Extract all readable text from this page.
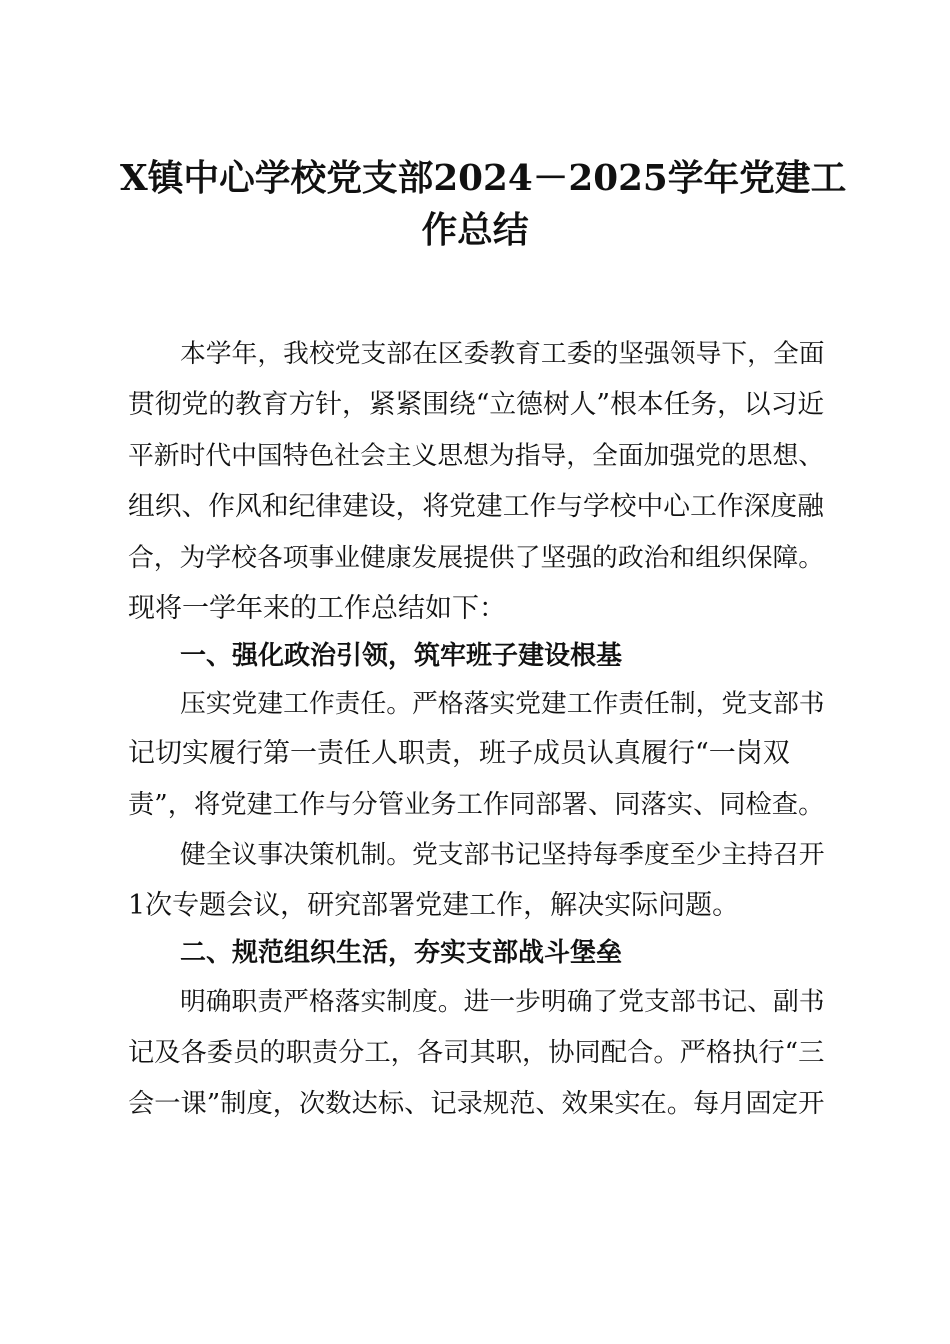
X镇中心学校党支部2024－2025学年党建工
作总结
本学年，我校党支部在区委教育工委的坚强领导下，全面
贯彻党的教育方针，紧紧围绕“立德树人”根本任务，以习近
平新时代中国特色社会主义思想为指导，全面加强党的思想、
组织、作风和纪律建设，将党建工作与学校中心工作深度融
合，为学校各项事业健康发展提供了坚强的政治和组织保障。
现将一学年来的工作总结如下：
一、强化政治引领，筑牢班子建设根基
压实党建工作责任。严格落实党建工作责任制，党支部书
记切实履行第一责任人职责，班子成员认真履行“一岗双
责”，将党建工作与分管业务工作同部署、同落实、同检查。
健全议事决策机制。党支部书记坚持每季度至少主持召开
1次专题会议，研究部署党建工作，解决实际问题。
二、规范组织生活，夯实支部战斗堡垒
明确职责严格落实制度。进一步明确了党支部书记、副书
记及各委员的职责分工，各司其职，协同配合。严格执行“三
会一课”制度，次数达标、记录规范、效果实在。每月固定开
